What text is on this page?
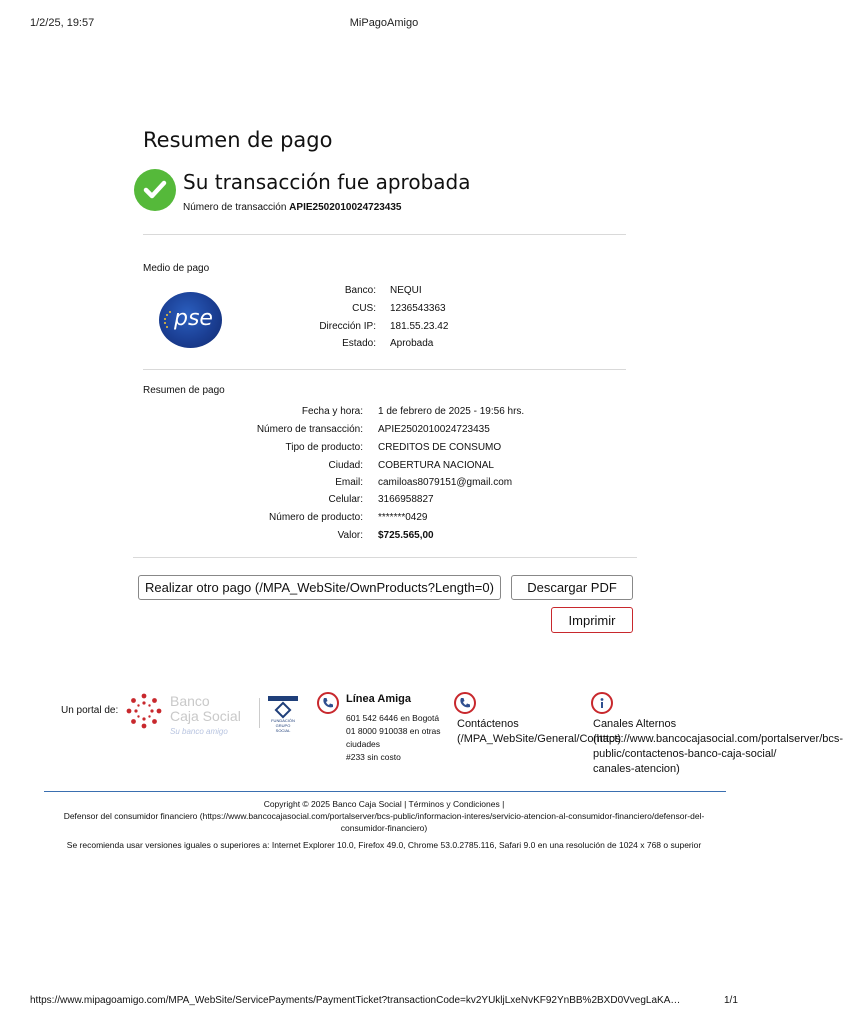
1/2/25, 19:57	MiPagoAmigo
Resumen de pago
Su transacción fue aprobada
Número de transacción APIE2502010024723435
Medio de pago
pse
Banco: NEQUI
CUS: 1236543363
Dirección IP: 181.55.23.42
Estado: Aprobada
Resumen de pago
Fecha y hora: 1 de febrero de 2025 - 19:56 hrs.
Número de transacción: APIE2502010024723435
Tipo de producto: CREDITOS DE CONSUMO
Ciudad: COBERTURA NACIONAL
Email: camiloas8079151@gmail.com
Celular: 3166958827
Número de producto: *******0429
Valor: $725.565,00
Realizar otro pago (/MPA_WebSite/OwnProducts?Length=0)	Descargar PDF
Imprimir
Un portal de:
Banco
Caja Social
Su banco amigo
FUNDACIÓN
GRUPO SOCIAL
Línea Amiga
601 542 6446 en Bogotá
01 8000 910038 en otras
ciudades
#233 sin costo
Contáctenos
(/MPA_WebSite/General/Contact)
Canales Alternos
(https://www.bancocajasocial.com/portalserver/bcs-
public/contactenos-banco-caja-social/
canales-atencion)
Copyright © 2025 Banco Caja Social | Términos y Condiciones |
Defensor del consumidor financiero (https://www.bancocajasocial.com/portalserver/bcs-public/informacion-interes/servicio-atencion-al-consumidor-financiero/defensor-del-
consumidor-financiero)
Se recomienda usar versiones iguales o superiores a: Internet Explorer 10.0, Firefox 49.0, Chrome 53.0.2785.116, Safari 9.0 en una resolución de 1024 x 768 o superior
https://www.mipagoamigo.com/MPA_WebSite/ServicePayments/PaymentTicket?transactionCode=kv2YUkljLxeNvKF92YnBB%2BXD0VvegLaKA…	1/1
